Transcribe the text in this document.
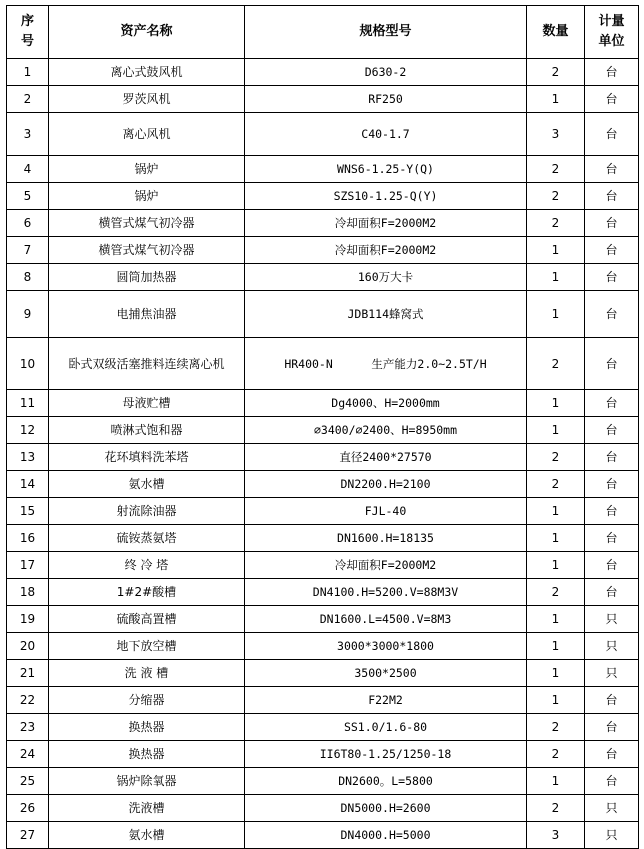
序号	资产名称	规格型号	数量	计量单位
1	离心式鼓风机	D630-2	2	台
2	罗茨风机	RF250	1	台
3	离心风机	C40-1.7	3	台
4	锅炉	WNS6-1.25-Y(Q)	2	台
5	锅炉	SZS10-1.25-Q(Y)	2	台
6	横管式煤气初冷器	冷却面积F=2000M2	2	台
7	横管式煤气初冷器	冷却面积F=2000M2	1	台
8	圆筒加热器	160万大卡	1	台
9	电捕焦油器	JDB114蜂窝式	1	台
10	卧式双级活塞推料连续离心机	HR400-N 生产能力2.0~2.5T/H	2	台
11	母液贮槽	Dg4000、H=2000mm	1	台
12	喷淋式饱和器	∅3400/∅2400、H=8950mm	1	台
13	花环填料洗苯塔	直径2400*27570	2	台
14	氨水槽	DN2200.H=2100	2	台
15	射流除油器	FJL-40	1	台
16	硫铵蒸氨塔	DN1600.H=18135	1	台
17	终 冷 塔	冷却面积F=2000M2	1	台
18	1#2#酸槽	DN4100.H=5200.V=88M3V	2	台
19	硫酸高置槽	DN1600.L=4500.V=8M3	1	只
20	地下放空槽	3000*3000*1800	1	只
21	洗 液 槽	3500*2500	1	只
22	分缩器	F22M2	1	台
23	换热器	SS1.0/1.6-80	2	台
24	换热器	II6T80-1.25/1250-18	2	台
25	锅炉除氧器	DN2600。L=5800	1	台
26	洗液槽	DN5000.H=2600	2	只
27	氨水槽	DN4000.H=5000	3	只
